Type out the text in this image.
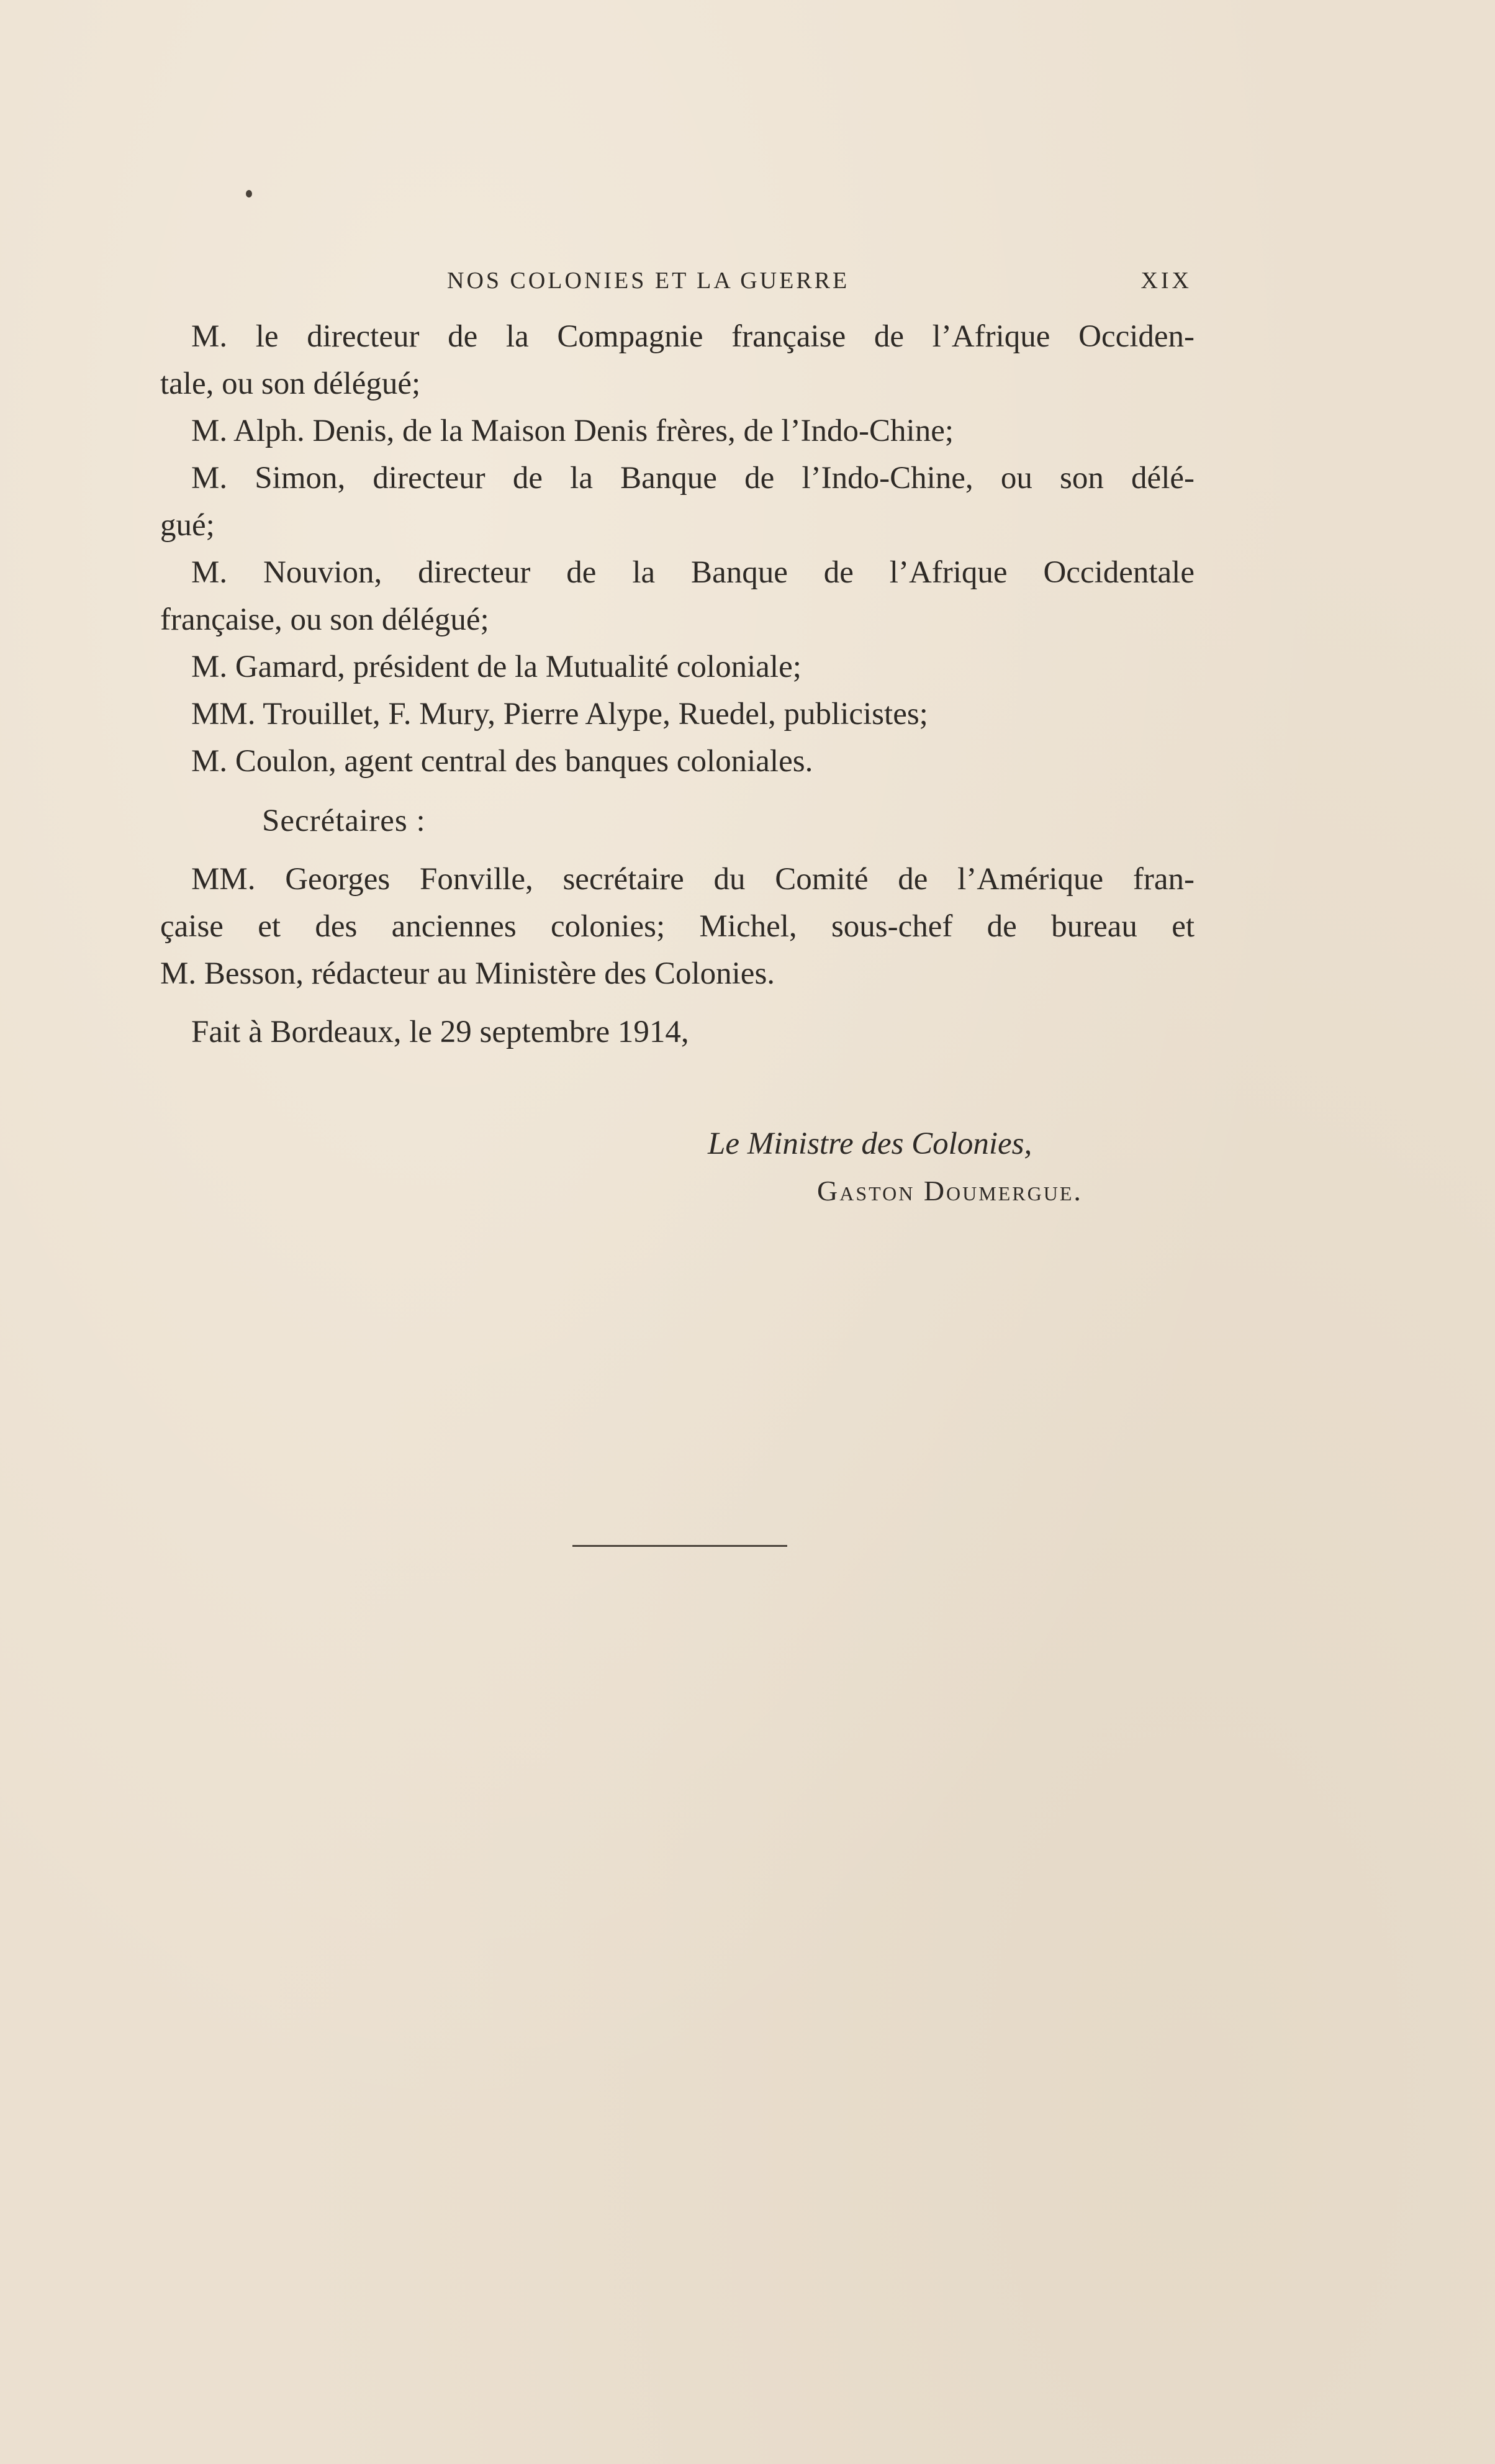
NOS COLONIES ET LA GUERRE	XIX
M. le directeur de la Compagnie française de l’Afrique Occiden-
tale, ou son délégué;
M. Alph. Denis, de la Maison Denis frères, de l’Indo-Chine;
M. Simon, directeur de la Banque de l’Indo-Chine, ou son délé-
gué;
M. Nouvion, directeur de la Banque de l’Afrique Occidentale
française, ou son délégué;
M. Gamard, président de la Mutualité coloniale;
MM. Trouillet, F. Mury, Pierre Alype, Ruedel, publicistes;
M. Coulon, agent central des banques coloniales.
Secrétaires :
MM. Georges Fonville, secrétaire du Comité de l’Amérique fran-
çaise et des anciennes colonies; Michel, sous-chef de bureau et
M. Besson, rédacteur au Ministère des Colonies.
Fait à Bordeaux, le 29 septembre 1914,
Le Ministre des Colonies,
Gaston Doumergue.
